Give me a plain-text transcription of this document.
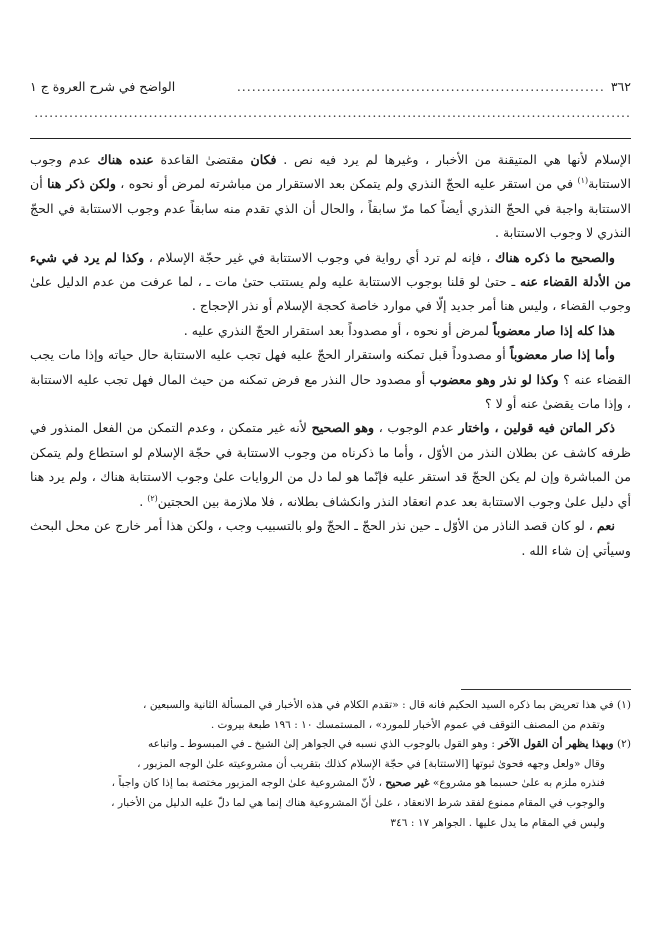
٣٦٢
..........................................................................
الواضح في شرح العروة ج ١
........................................................................................................................

الإسلام لأنها هي المتيقنة من الأخبار ، وغيرها لم يرد فيه نص . فكان مقتضىٰ القاعدة عنده هناك عدم وجوب الاستتابة$^{(١)}$ في من استقر عليه الحجّ النذري ولم يتمكن بعد الاستقرار من مباشرته لمرض أو نحوه ، ولكن ذكر هنا أن الاستتابة واجبة في الحجّ النذري أيضاً كما مرّ سابقاً ، والحال أن الذي تقدم منه سابقاً عدم وجوب الاستتابة في الحجّ النذري لا وجوب الاستتابة .

والصحيح ما ذكره هناك ، فإنه لم ترد أي رواية في وجوب الاستتابة في غير حجّة الإسلام ، وكذا لم يرد في شيء من الأدلة القضاء عنه ـ حتىٰ لو قلنا بوجوب الاستتابة عليه ولم يستتب حتىٰ مات ـ ، لما عرفت من عدم الدليل علىٰ وجوب القضاء ، وليس هنا أمر جديد إلّا في موارد خاصة كحجة الإسلام أو نذر الإحجاج .

هذا كله إذا صار معضوباً لمرض أو نحوه ، أو مصدوداً بعد استقرار الحجّ النذري عليه .

وأما إذا صار معضوباً أو مصدوداً قبل تمكنه واستقرار الحجّ عليه فهل تجب عليه الاستتابة حال حياته وإذا مات يجب القضاء عنه ؟ وكذا لو نذر وهو معضوب أو مصدود حال النذر مع فرض تمكنه من حيث المال فهل تجب عليه الاستتابة ، وإذا مات يقضىٰ عنه أو لا ؟

ذكر الماتن فيه قولين ، واختار عدم الوجوب ، وهو الصحيح لأنه غير متمكن ، وعدم التمكن من الفعل المنذور في ظرفه كاشف عن بطلان النذر من الأوّل ، وأما ما ذكرناه من وجوب الاستتابة في حجّة الإسلام لو استطاع ولم يتمكن من المباشرة وإن لم يكن الحجّ قد استقر عليه فإنّما هو لما دل من الروايات علىٰ وجوب الاستتابة هناك ، ولم يرد هنا أي دليل علىٰ وجوب الاستتابة بعد عدم انعقاد النذر وانكشاف بطلانه ، فلا ملازمة بين الحجتين$^{(٢)}$ .

نعم ، لو كان قصد الناذر من الأوّل ـ حين نذر الحجّ ـ الحجّ ولو بالتسبيب وجب ، ولكن هذا أمر خارج عن محل البحث وسيأتي إن شاء الله .

(١) في هذا تعريض بما ذكره السيد الحكيم فانه قال : «تقدم الكلام في هذه الأخبار في المسألة الثانية والسبعين ،

وتقدم من المصنف التوقف في عموم الأخبار للمورد» ، المستمسك ١٠ : ١٩٦ طبعة بيروت .

(٢) وبهذا يظهر أن القول الآخر : وهو القول بالوجوب الذي نسبه في الجواهر إلىٰ الشيخ ـ في المبسوط ـ واتباعه

وقال «ولعل وجهه فحوىٰ ثبوتها [الاستتابة] في حجّة الإسلام كذلك بتقريب أن مشروعيته علىٰ الوجه المزبور ،

فنذره ملزم به علىٰ حسبما هو مشروع» غير صحيح ، لأنّ المشروعية علىٰ الوجه المزبور مختصة بما إذا كان واجباً ،

والوجوب في المقام ممنوع لفقد شرط الانعقاد ، علىٰ أنّ المشروعية هناك إنما هي لما دلّ عليه الدليل من الأخبار ،

وليس في المقام ما يدل عليها . الجواهر ١٧ : ٣٤٦
